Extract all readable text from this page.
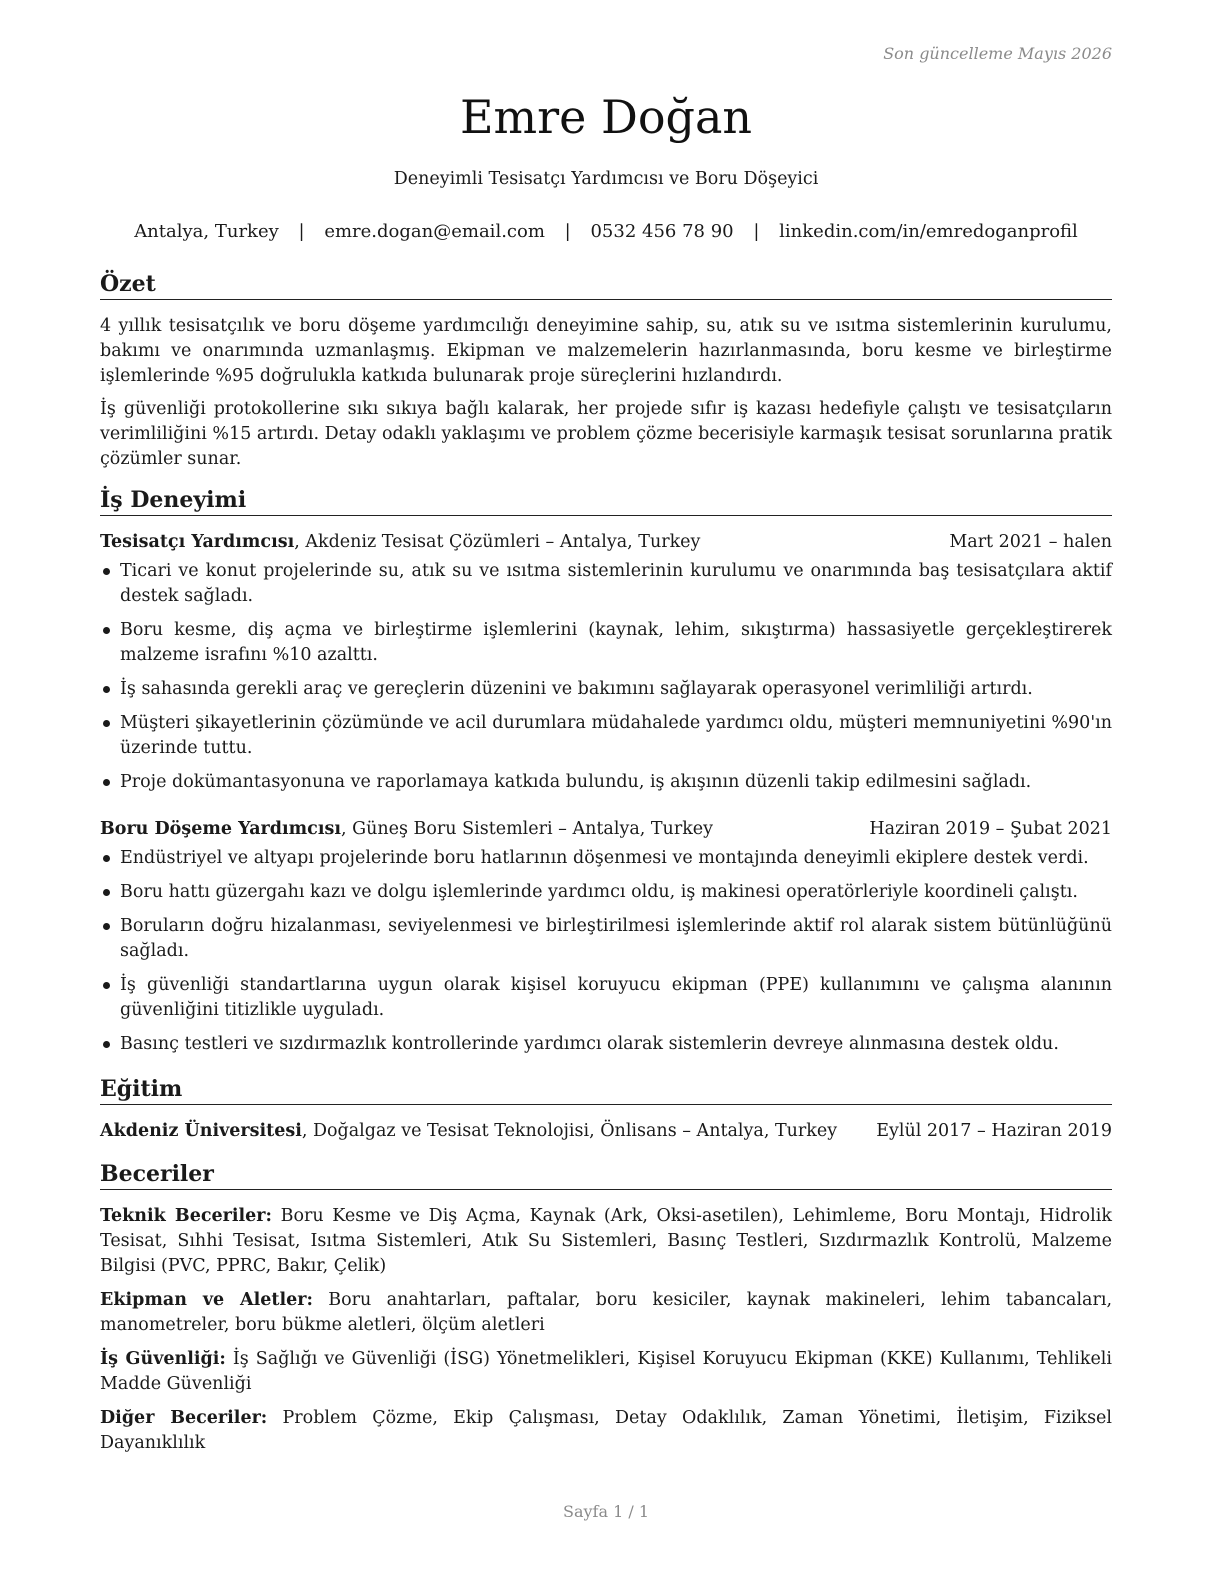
Son güncelleme Mayıs 2026
Emre Doğan
Deneyimli Tesisatçı Yardımcısı ve Boru Döşeyici
Antalya, Turkey | emre.dogan@email.com | 0532 456 78 90 | linkedin.com/in/emredoganprofil
Özet

4 yıllık tesisatçılık ve boru döşeme yardımcılığı deneyimine sahip, su, atık su ve ısıtma sistemlerinin kurulumu, bakımı ve onarımında uzmanlaşmış. Ekipman ve malzemelerin hazırlanmasında, boru kesme ve birleştirme işlemlerinde %95 doğrulukla katkıda bulunarak proje süreçlerini hızlandırdı.

İş güvenliği protokollerine sıkı sıkıya bağlı kalarak, her projede sıfır iş kazası hedefiyle çalıştı ve tesisatçıların verimliliğini %15 artırdı. Detay odaklı yaklaşımı ve problem çözme becerisiyle karmaşık tesisat sorunlarına pratik çözümler sunar.

İş Deneyimi
Tesisatçı Yardımcısı, Akdeniz Tesisat Çözümleri – Antalya, Turkey	Mart 2021 – halen
Ticari ve konut projelerinde su, atık su ve ısıtma sistemlerinin kurulumu ve onarımında baş tesisatçılara aktif destek sağladı.
Boru kesme, diş açma ve birleştirme işlemlerini (kaynak, lehim, sıkıştırma) hassasiyetle gerçekleştirerek malzeme israfını %10 azalttı.
İş sahasında gerekli araç ve gereçlerin düzenini ve bakımını sağlayarak operasyonel verimliliği artırdı.
Müşteri şikayetlerinin çözümünde ve acil durumlara müdahalede yardımcı oldu, müşteri memnuniyetini %90'ın üzerinde tuttu.
Proje dokümantasyonuna ve raporlamaya katkıda bulundu, iş akışının düzenli takip edilmesini sağladı.
Boru Döşeme Yardımcısı, Güneş Boru Sistemleri – Antalya, Turkey	Haziran 2019 – Şubat 2021
Endüstriyel ve altyapı projelerinde boru hatlarının döşenmesi ve montajında deneyimli ekiplere destek verdi.
Boru hattı güzergahı kazı ve dolgu işlemlerinde yardımcı oldu, iş makinesi operatörleriyle koordineli çalıştı.
Boruların doğru hizalanması, seviyelenmesi ve birleştirilmesi işlemlerinde aktif rol alarak sistem bütünlüğünü sağladı.
İş güvenliği standartlarına uygun olarak kişisel koruyucu ekipman (PPE) kullanımını ve çalışma alanının güvenliğini titizlikle uyguladı.
Basınç testleri ve sızdırmazlık kontrollerinde yardımcı olarak sistemlerin devreye alınmasına destek oldu.
Eğitim
Akdeniz Üniversitesi, Doğalgaz ve Tesisat Teknolojisi, Önlisans – Antalya, Turkey Eylül 2017 – Haziran 2019
Beceriler
Teknik Beceriler: Boru Kesme ve Diş Açma, Kaynak (Ark, Oksi-asetilen), Lehimleme, Boru Montajı, Hidrolik Tesisat, Sıhhi Tesisat, Isıtma Sistemleri, Atık Su Sistemleri, Basınç Testleri, Sızdırmazlık Kontrolü, Malzeme Bilgisi (PVC, PPRC, Bakır, Çelik)
Ekipman ve Aletler: Boru anahtarları, paftalar, boru kesiciler, kaynak makineleri, lehim tabancaları, manometreler, boru bükme aletleri, ölçüm aletleri
İş Güvenliği: İş Sağlığı ve Güvenliği (İSG) Yönetmelikleri, Kişisel Koruyucu Ekipman (KKE) Kullanımı, Tehlikeli Madde Güvenliği
Diğer Beceriler: Problem Çözme, Ekip Çalışması, Detay Odaklılık, Zaman Yönetimi, İletişim, Fiziksel Dayanıklılık
Sayfa 1 / 1
